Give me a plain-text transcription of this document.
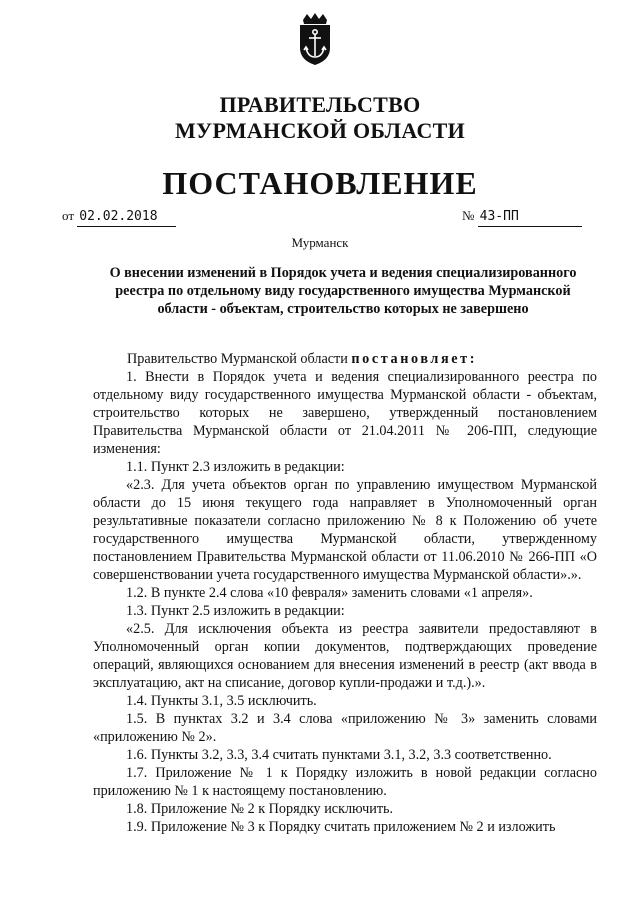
ПРАВИТЕЛЬСТВО
МУРМАНСКОЙ ОБЛАСТИ
ПОСТАНОВЛЕНИЕ
от 02.02.2018	№ 43-ПП
Мурманск
О внесении изменений в Порядок учета и ведения специализированного реестра по отдельному виду государственного имущества Мурманской области - объектам, строительство которых не завершено

Правительство Мурманской области постановляет:

1. Внести в Порядок учета и ведения специализированного реестра по отдельному виду государственного имущества Мурманской области - объектам, строительство которых не завершено, утвержденный постановлением Правительства Мурманской области от 21.04.2011 № 206-ПП, следующие изменения:

1.1. Пункт 2.3 изложить в редакции:

«2.3. Для учета объектов орган по управлению имуществом Мурманской области до 15 июня текущего года направляет в Уполномоченный орган результативные показатели согласно приложению № 8 к Положению об учете государственного имущества Мурманской области, утвержденному постановлением Правительства Мурманской области от 11.06.2010 № 266-ПП «О совершенствовании учета государственного имущества Мурманской области».».

1.2. В пункте 2.4 слова «10 февраля» заменить словами «1 апреля».

1.3. Пункт 2.5 изложить в редакции:

«2.5. Для исключения объекта из реестра заявители предоставляют в Уполномоченный орган копии документов, подтверждающих проведение операций, являющихся основанием для внесения изменений в реестр (акт ввода в эксплуатацию, акт на списание, договор купли-продажи и т.д.).».

1.4. Пункты 3.1, 3.5 исключить.

1.5. В пунктах 3.2 и 3.4 слова «приложению № 3» заменить словами «приложению № 2».

1.6. Пункты 3.2, 3.3, 3.4 считать пунктами 3.1, 3.2, 3.3 соответственно.

1.7. Приложение № 1 к Порядку изложить в новой редакции согласно приложению № 1 к настоящему постановлению.

1.8. Приложение № 2 к Порядку исключить.

1.9. Приложение № 3 к Порядку считать приложением № 2 и изложить
